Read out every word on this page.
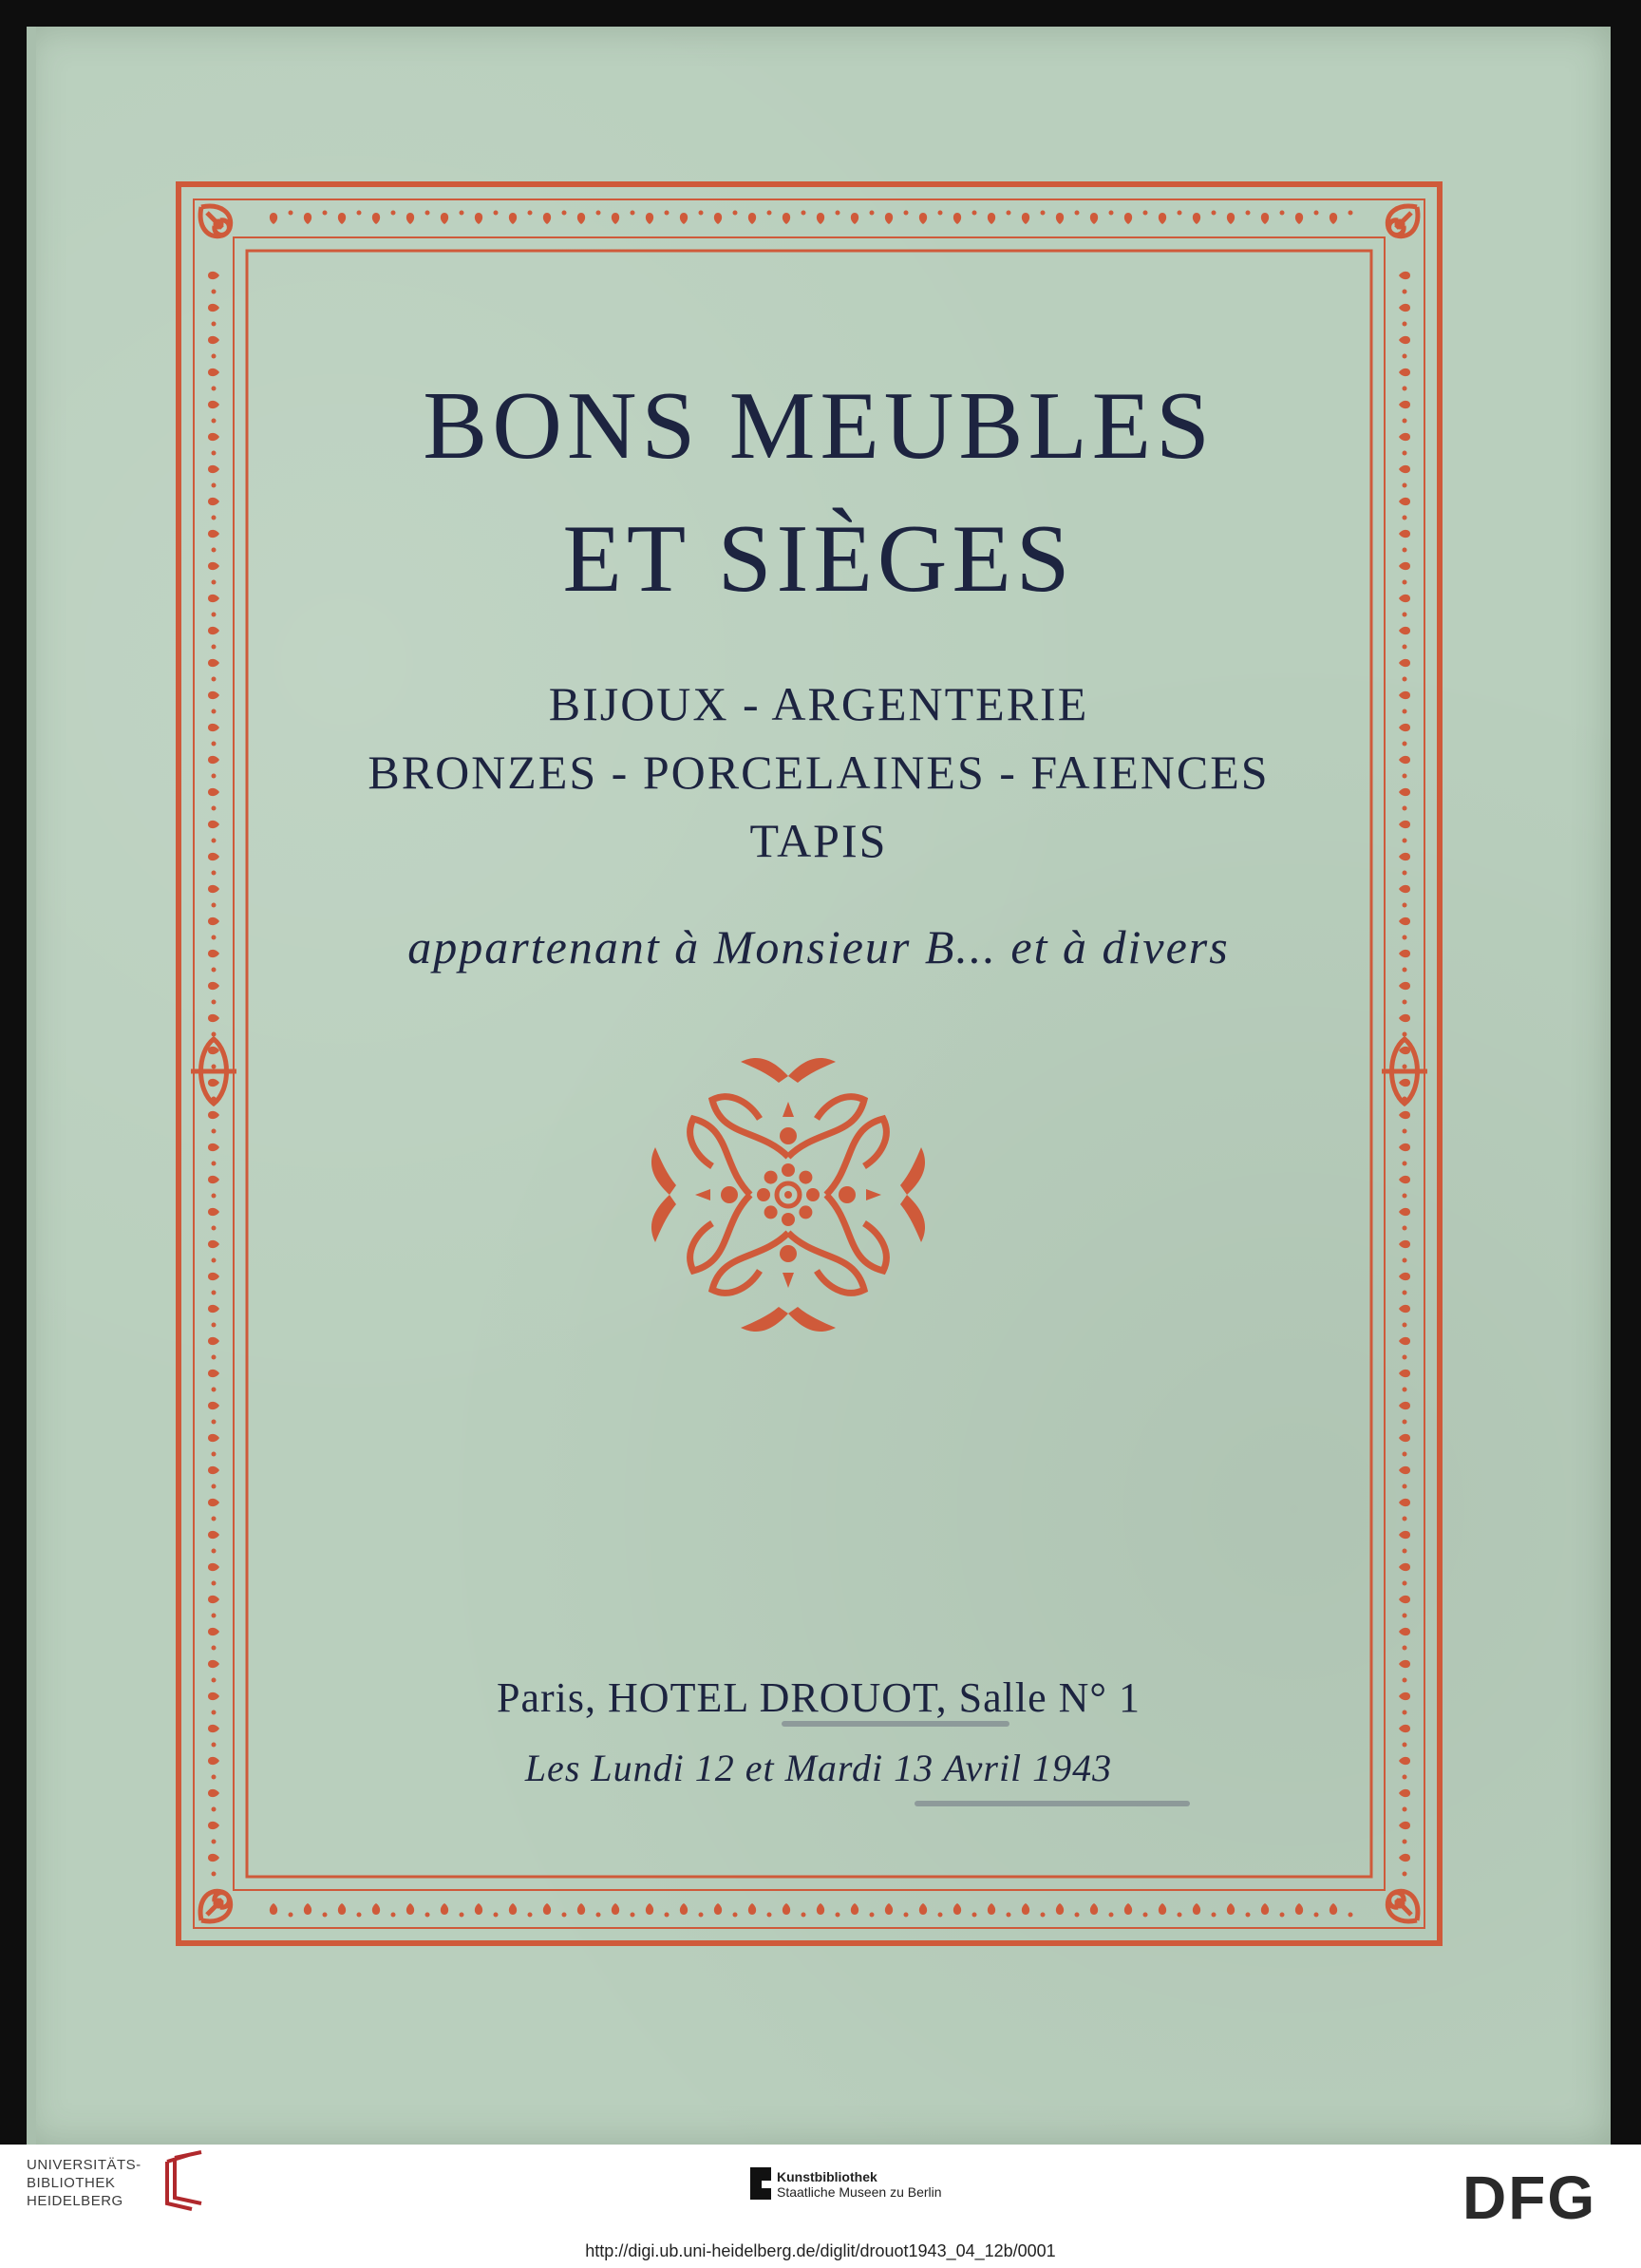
BONS MEUBLES
ET SIÈGES
BIJOUX - ARGENTERIE
BRONZES - PORCELAINES - FAIENCES
TAPIS
appartenant à Monsieur B... et à divers
Paris, HOTEL DROUOT, Salle N° 1
Les Lundi 12 et Mardi 13 Avril 1943
UNIVERSITÄTS-
BIBLIOTHEK
HEIDELBERG
Kunstbibliothek
Staatliche Museen zu Berlin	DFG
http://digi.ub.uni-heidelberg.de/diglit/drouot1943_04_12b/0001
